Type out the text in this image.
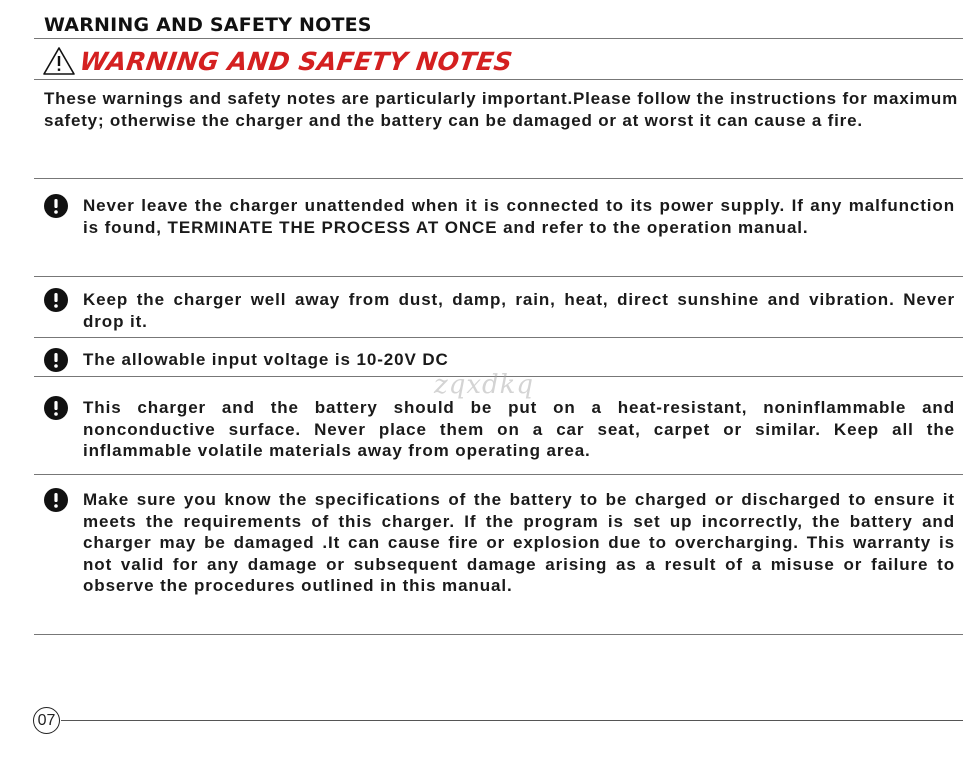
WARNING AND SAFETY NOTES
WARNING AND SAFETY NOTES
These warnings and safety notes are particularly important.Please follow the instructions for maximum safety; otherwise the charger and the battery can be damaged or at worst it can cause a fire.
Never leave the charger unattended when it is connected to its power supply. If any malfunction is found, TERMINATE THE PROCESS AT ONCE and refer to the operation manual.
Keep the charger well away from dust, damp, rain, heat, direct sunshine and vibration. Never drop it.
The allowable input voltage is 10-20V DC
zqxdkq
This charger and the battery should be put on a heat-resistant, noninflammable and nonconductive surface. Never place them on a car seat, carpet or similar. Keep all the inflammable volatile materials away from operating area.
Make sure you know the specifications of the battery to be charged or discharged to ensure it meets the requirements of this charger. If the program is set up incorrectly, the battery and charger may be damaged .It can cause fire or explosion due to overcharging. This warranty is not valid for any damage or subsequent damage arising as a result of a misuse or failure to observe the procedures outlined in this manual.
07
